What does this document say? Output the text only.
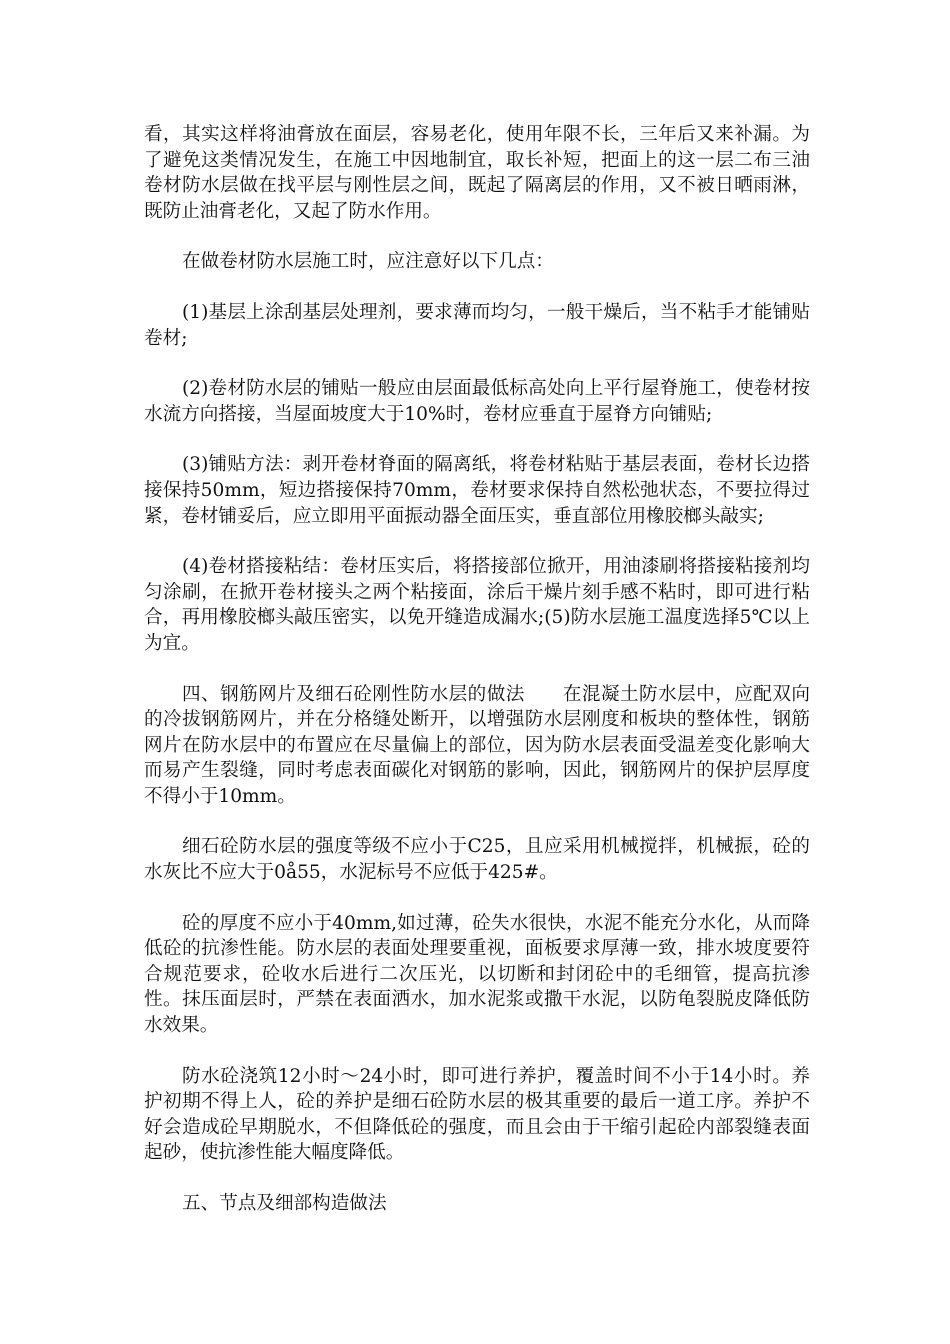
看，其实这样将油膏放在面层，容易老化，使用年限不长，三年后又来补漏。为了避免这类情况发生，在施工中因地制宜，取长补短，把面上的这一层二布三油卷材防水层做在找平层与刚性层之间，既起了隔离层的作用，又不被日晒雨淋，既防止油膏老化，又起了防水作用。

在做卷材防水层施工时，应注意好以下几点：

(1)基层上涂刮基层处理剂，要求薄而均匀，一般干燥后，当不粘手才能铺贴卷材;

(2)卷材防水层的铺贴一般应由层面最低标高处向上平行屋脊施工，使卷材按水流方向搭接，当屋面坡度大于10%时，卷材应垂直于屋脊方向铺贴;

(3)铺贴方法：剥开卷材脊面的隔离纸，将卷材粘贴于基层表面，卷材长边搭接保持50mm，短边搭接保持70mm，卷材要求保持自然松弛状态，不要拉得过紧，卷材铺妥后，应立即用平面振动器全面压实，垂直部位用橡胶榔头敲实;

(4)卷材搭接粘结：卷材压实后，将搭接部位掀开，用油漆刷将搭接粘接剂均匀涂刷，在掀开卷材接头之两个粘接面，涂后干燥片刻手感不粘时，即可进行粘合，再用橡胶榔头敲压密实，以免开缝造成漏水;(5)防水层施工温度选择5℃以上为宜。

四、钢筋网片及细石砼刚性防水层的做法　　在混凝土防水层中，应配双向的冷拔钢筋网片，并在分格缝处断开，以增强防水层刚度和板块的整体性，钢筋网片在防水层中的布置应在尽量偏上的部位，因为防水层表面受温差变化影响大而易产生裂缝，同时考虑表面碳化对钢筋的影响，因此，钢筋网片的保护层厚度不得小于10mm。

细石砼防水层的强度等级不应小于C25，且应采用机械搅拌，机械振，砼的水灰比不应大于0å55，水泥标号不应低于425#。

砼的厚度不应小于40mm,如过薄，砼失水很快，水泥不能充分水化，从而降低砼的抗渗性能。防水层的表面处理要重视，面板要求厚薄一致，排水坡度要符合规范要求，砼收水后进行二次压光，以切断和封闭砼中的毛细管，提高抗渗性。抹压面层时，严禁在表面洒水，加水泥浆或撒干水泥，以防龟裂脱皮降低防水效果。

防水砼浇筑12小时～24小时，即可进行养护，覆盖时间不小于14小时。养护初期不得上人，砼的养护是细石砼防水层的极其重要的最后一道工序。养护不好会造成砼早期脱水，不但降低砼的强度，而且会由于干缩引起砼内部裂缝表面起砂，使抗渗性能大幅度降低。

五、节点及细部构造做法
